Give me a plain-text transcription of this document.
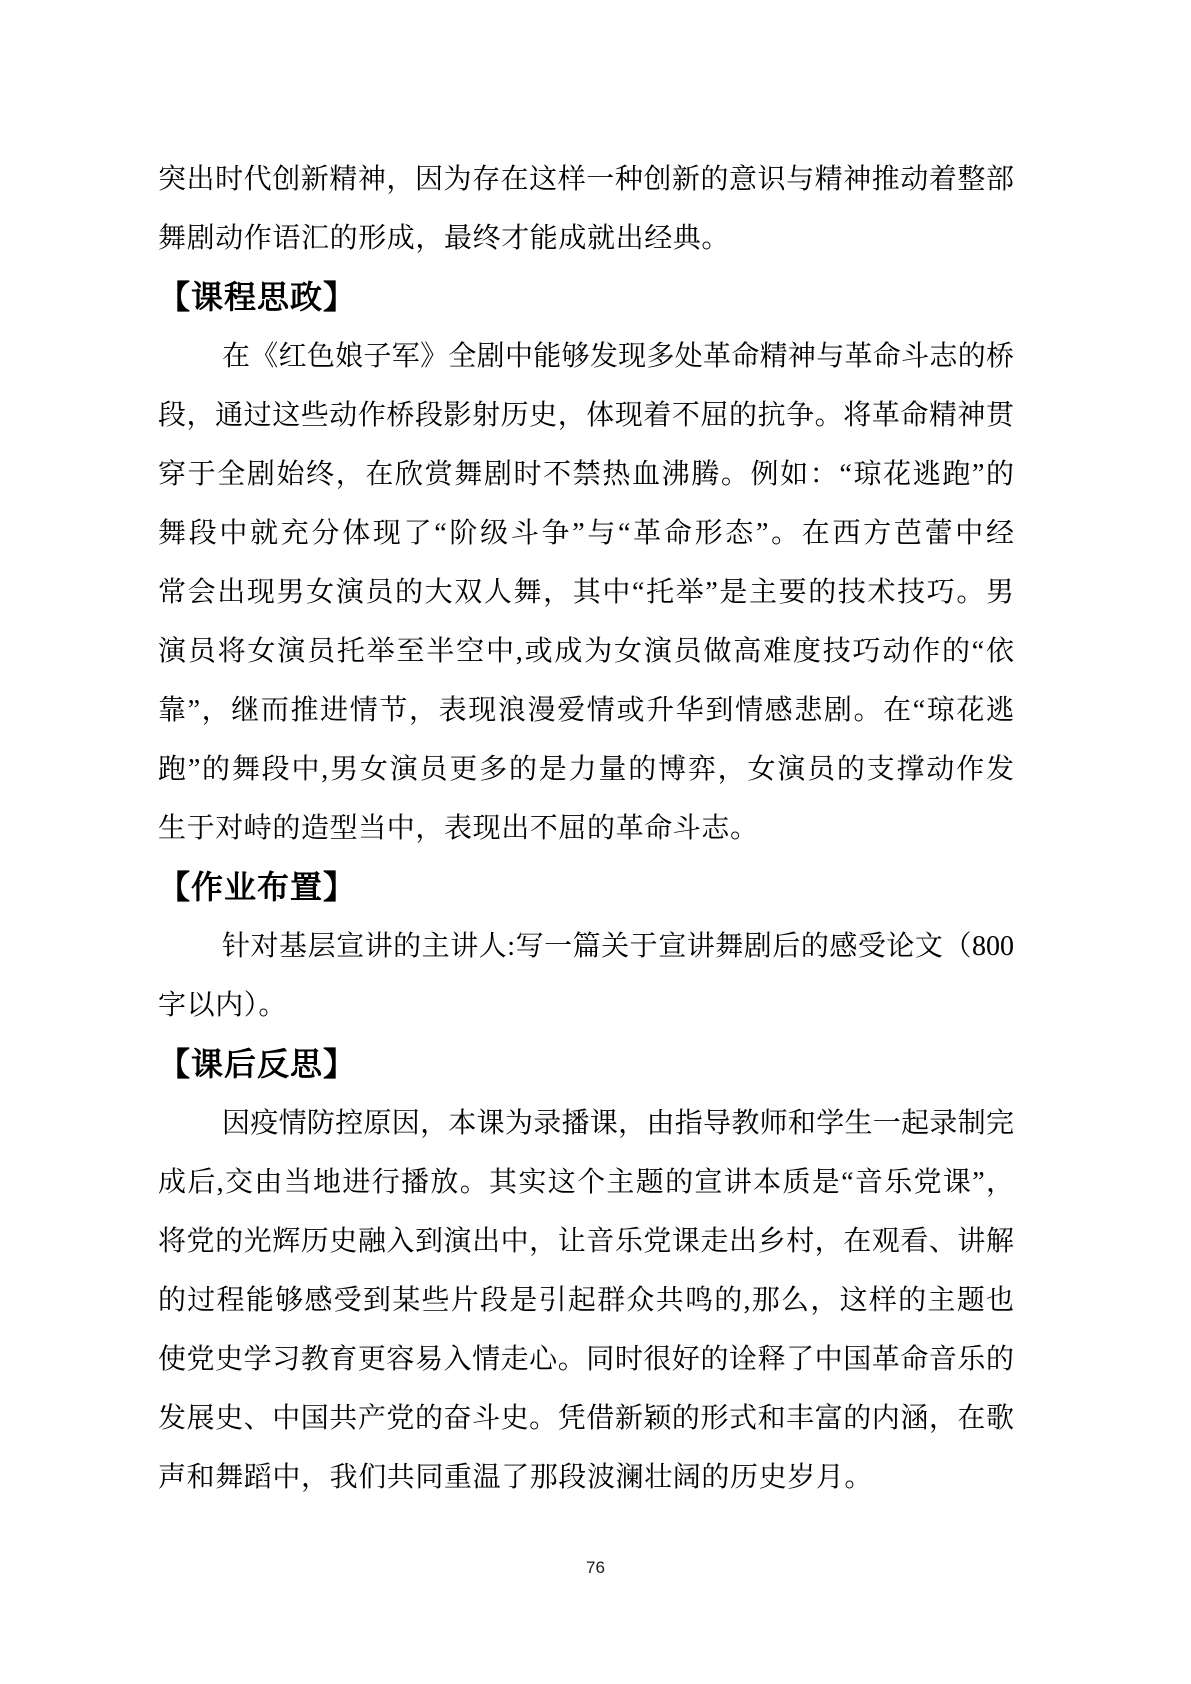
突出时代创新精神，因为存在这样一种创新的意识与精神推动着整部
舞剧动作语汇的形成，最终才能成就出经典。
【课程思政】
在《红色娘子军》全剧中能够发现多处革命精神与革命斗志的桥
段，通过这些动作桥段影射历史，体现着不屈的抗争。将革命精神贯
穿于全剧始终，在欣赏舞剧时不禁热血沸腾。例如：“琼花逃跑”的
舞段中就充分体现了“阶级斗争”与“革命形态”。在西方芭蕾中经
常会出现男女演员的大双人舞，其中“托举”是主要的技术技巧。男
演员将女演员托举至半空中,或成为女演员做高难度技巧动作的“依
靠”，继而推进情节，表现浪漫爱情或升华到情感悲剧。在“琼花逃
跑”的舞段中,男女演员更多的是力量的博弈，女演员的支撑动作发
生于对峙的造型当中，表现出不屈的革命斗志。
【作业布置】
针对基层宣讲的主讲人:写一篇关于宣讲舞剧后的感受论文（800
字以内）。
【课后反思】
因疫情防控原因，本课为录播课，由指导教师和学生一起录制完
成后,交由当地进行播放。其实这个主题的宣讲本质是“音乐党课”，
将党的光辉历史融入到演出中，让音乐党课走出乡村，在观看、讲解
的过程能够感受到某些片段是引起群众共鸣的,那么，这样的主题也
使党史学习教育更容易入情走心。同时很好的诠释了中国革命音乐的
发展史、中国共产党的奋斗史。凭借新颖的形式和丰富的内涵，在歌
声和舞蹈中，我们共同重温了那段波澜壮阔的历史岁月。
76
